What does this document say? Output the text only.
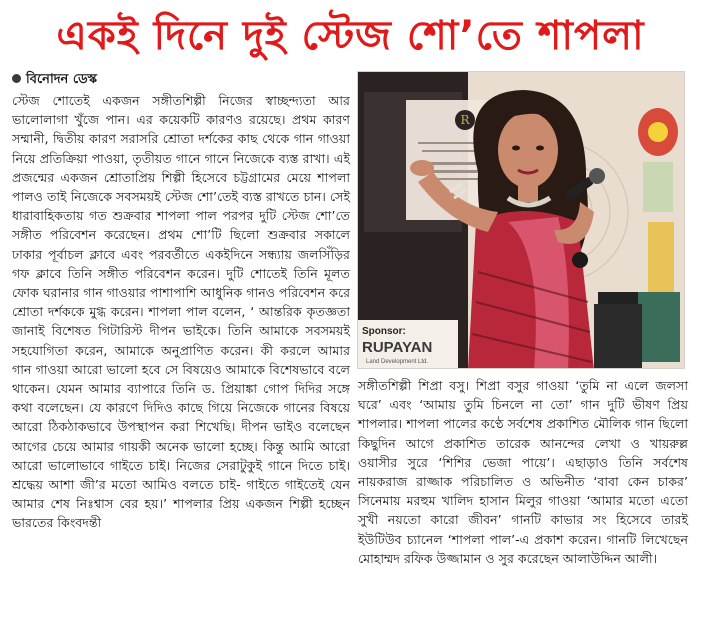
একই দিনে দুই স্টেজ শো’তে শাপলা
বিনোদন ডেস্ক

স্টেজ শোতেই একজন সঙ্গীতশিল্পী নিজের স্বাচ্ছন্দ্যতা আর ভালোলাগা খুঁজে পান। এর কয়েকটি কারণও রয়েছে। প্রথম কারণ সম্মানী, দ্বিতীয় কারণ সরাসরি শ্রোতা দর্শকের কাছ থেকে গান গাওয়া নিয়ে প্রতিক্রিয়া পাওয়া, তৃতীয়ত গানে গানে নিজেকে ব্যস্ত রাখা। এই প্রজন্মের একজন শ্রোতাপ্রিয় শিল্পী হিসেবে চট্টগ্রামের মেয়ে শাপলা পালও তাই নিজেকে সবসময়ই স্টেজ শো’তেই ব্যস্ত রাখতে চান। সেই ধারাবাহিকতায় গত শুক্রবার শাপলা পাল পরপর দুটি স্টেজ শো’তে সঙ্গীত পরিবেশন করেছেন। প্রথম শো’টি ছিলো শুক্রবার সকালে ঢাকার পূর্বাচল ক্লাবে এবং পরবর্তীতে একইদিনে সন্ধ্যায় জলসিঁড়ির গফ ক্লাবে তিনি সঙ্গীত পরিবেশন করেন। দুটি শোতেই তিনি মূলত ফোক ঘরানার গান গাওয়ার পাশাপাশি আধুনিক গানও পরিবেশন করে শ্রোতা দর্শককে মুগ্ধ করেন। শাপলা পাল বলেন, ‘ আন্তরিক কৃতজ্ঞতা জানাই বিশেষত গিটারিস্ট দীপন ভাইকে। তিনি আমাকে সবসময়ই সহযোগিতা করেন, আমাকে অনুপ্রাণিত করেন। কী করলে আমার গান গাওয়া আরো ভালো হবে সে বিষয়েও আমাকে বিশেষভাবে বলে থাকেন। যেমন আমার ব্যাপারে তিনি ড. প্রিয়াঙ্কা গোপ দিদির সঙ্গে কথা বলেছেন। যে কারণে দিদিও কাছে গিয়ে নিজেকে গানের বিষয়ে আরো ঠিকঠাকভাবে উপস্থাপন করা শিখেছি। দীপন ভাইও বলেছেন আগের চেয়ে আমার গায়কী অনেক ভালো হচ্ছে। কিন্তু আমি আরো আরো ভালোভাবে গাইতে চাই। নিজের সেরাটুকুই গানে দিতে চাই। শ্রদ্ধেয় আশা জী’র মতো আমিও বলতে চাই- গাইতে গাইতেই যেন আমার শেষ নিঃশ্বাস বের হয়।’ শাপলার প্রিয় একজন শিল্পী হচ্ছেন ভারতের কিংবদন্তী

R
Sponsor:
RUPAYAN
Land Development Ltd.

সঙ্গীতশিল্পী শিপ্রা বসু। শিপ্রা বসুর গাওয়া ‘তুমি না এলে জলসা ঘরে’ এবং ‘আমায় তুমি চিনলে না তো’ গান দুটি ভীষণ প্রিয় শাপলার। শাপলা পালের কণ্ঠে সর্বশেষ প্রকাশিত মৌলিক গান ছিলো কিছুদিন আগে প্রকাশিত তারেক আনন্দের লেখা ও খায়রুল্ল ওয়াসীর সুরে ‘শিশির ভেজা পায়ে’। এছাড়াও তিনি সর্বশেষ নায়করাজ রাজ্জাক পরিচালিত ও অভিনীত ‘বাবা কেন চাকর’ সিনেমায় মরহুম খালিদ হাসান মিলুর গাওয়া ‘আমার মতো এতো সুখী নয়তো কারো জীবন’ গানটি কাভার সং হিসেবে তারই ইউটিউব চ্যানেল ‘শাপলা পাল’-এ প্রকাশ করেন। গানটি লিখেছেন মোহাম্মদ রফিক উজ্জামান ও সুর করেছেন আলাউদ্দিন আলী।
